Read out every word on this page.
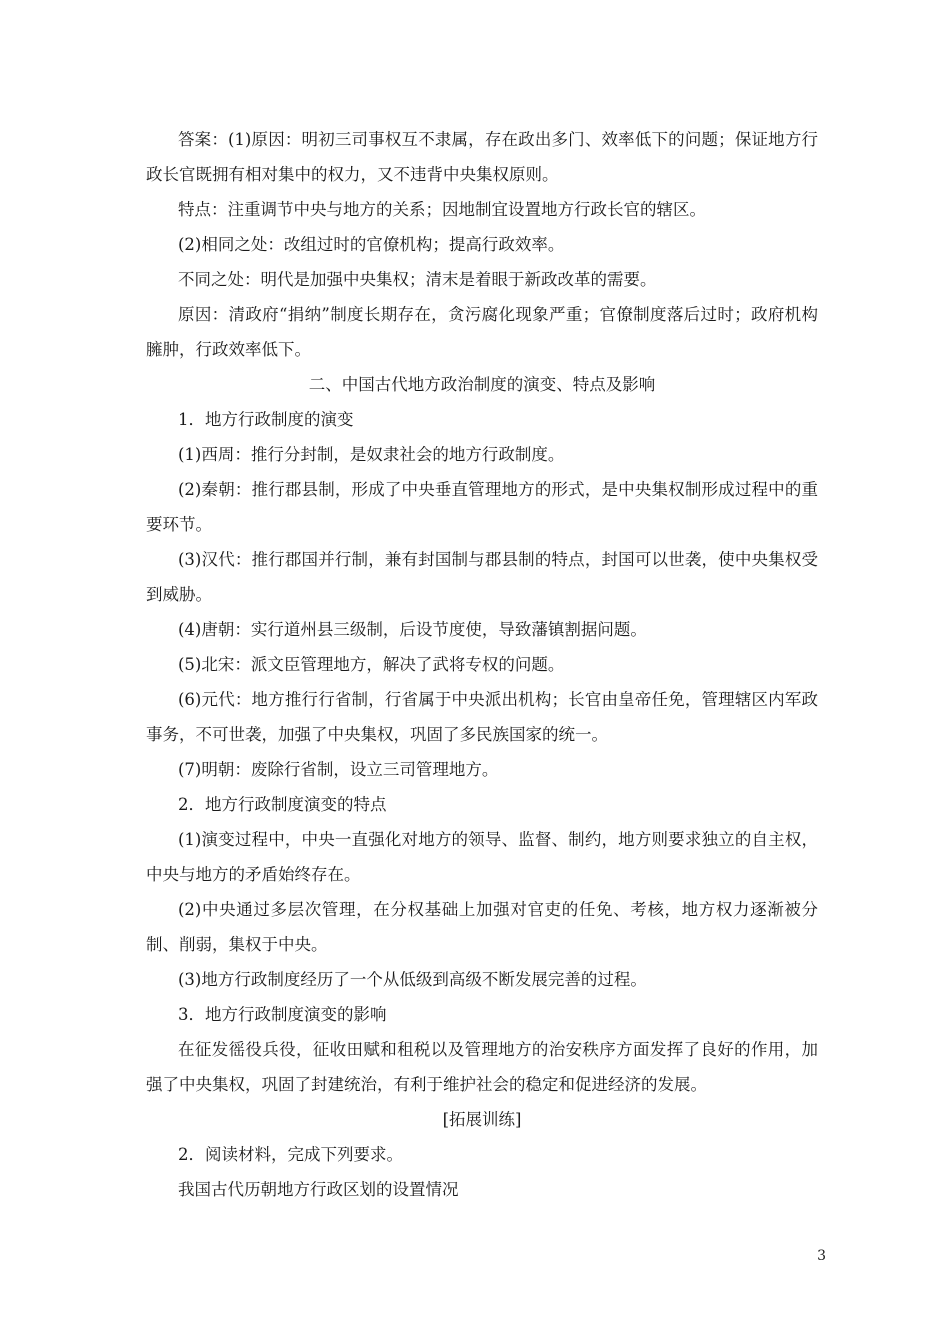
答案：(1)原因：明初三司事权互不隶属，存在政出多门、效率低下的问题；保证地方行政长官既拥有相对集中的权力，又不违背中央集权原则。

特点：注重调节中央与地方的关系；因地制宜设置地方行政长官的辖区。

(2)相同之处：改组过时的官僚机构；提高行政效率。

不同之处：明代是加强中央集权；清末是着眼于新政改革的需要。

原因：清政府“捐纳”制度长期存在，贪污腐化现象严重；官僚制度落后过时；政府机构臃肿，行政效率低下。

二、中国古代地方政治制度的演变、特点及影响

1．地方行政制度的演变

(1)西周：推行分封制，是奴隶社会的地方行政制度。

(2)秦朝：推行郡县制，形成了中央垂直管理地方的形式，是中央集权制形成过程中的重要环节。

(3)汉代：推行郡国并行制，兼有封国制与郡县制的特点，封国可以世袭，使中央集权受到威胁。

(4)唐朝：实行道州县三级制，后设节度使，导致藩镇割据问题。

(5)北宋：派文臣管理地方，解决了武将专权的问题。

(6)元代：地方推行行省制，行省属于中央派出机构；长官由皇帝任免，管理辖区内军政事务，不可世袭，加强了中央集权，巩固了多民族国家的统一。

(7)明朝：废除行省制，设立三司管理地方。

2．地方行政制度演变的特点

(1)演变过程中，中央一直强化对地方的领导、监督、制约，地方则要求独立的自主权，中央与地方的矛盾始终存在。

(2)中央通过多层次管理，在分权基础上加强对官吏的任免、考核，地方权力逐渐被分制、削弱，集权于中央。

(3)地方行政制度经历了一个从低级到高级不断发展完善的过程。

3．地方行政制度演变的影响

在征发徭役兵役，征收田赋和租税以及管理地方的治安秩序方面发挥了良好的作用，加强了中央集权，巩固了封建统治，有利于维护社会的稳定和促进经济的发展。

[拓展训练]

2．阅读材料，完成下列要求。

我国古代历朝地方行政区划的设置情况

3
